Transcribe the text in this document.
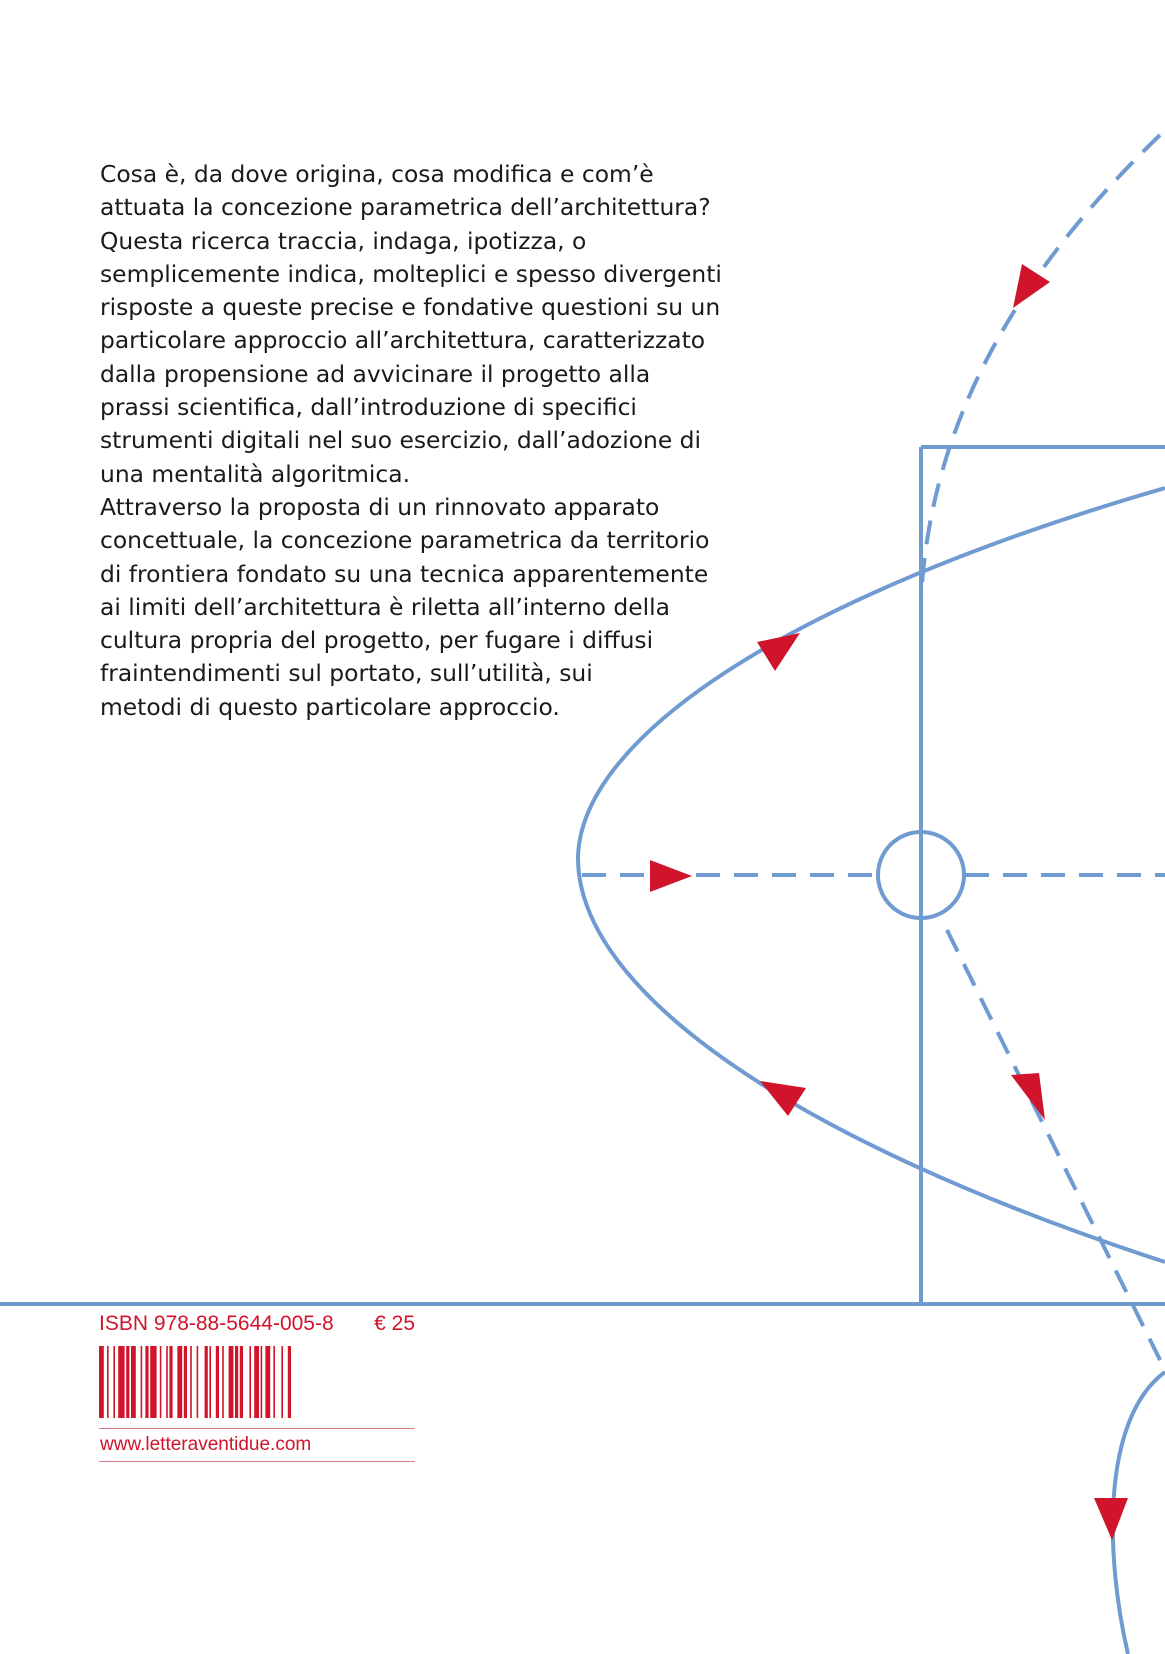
Cosa è, da dove origina, cosa modifica e com’è
attuata la concezione parametrica dell’architettura?
Questa ricerca traccia, indaga, ipotizza, o
semplicemente indica, molteplici e spesso divergenti
risposte a queste precise e fondative questioni su un
particolare approccio all’architettura, caratterizzato
dalla propensione ad avvicinare il progetto alla
prassi scientifica, dall’introduzione di specifici
strumenti digitali nel suo esercizio, dall’adozione di
una mentalità algoritmica.

Attraverso la proposta di un rinnovato apparato
concettuale, la concezione parametrica da territorio
di frontiera fondato su una tecnica apparentemente
ai limiti dell’architettura è riletta all’interno della
cultura propria del progetto, per fugare i diffusi
fraintendimenti sul portato, sull’utilità, sui
metodi di questo particolare approccio.

ISBN 978-88-5644-005-8 € 25
www.letteraventidue.com
